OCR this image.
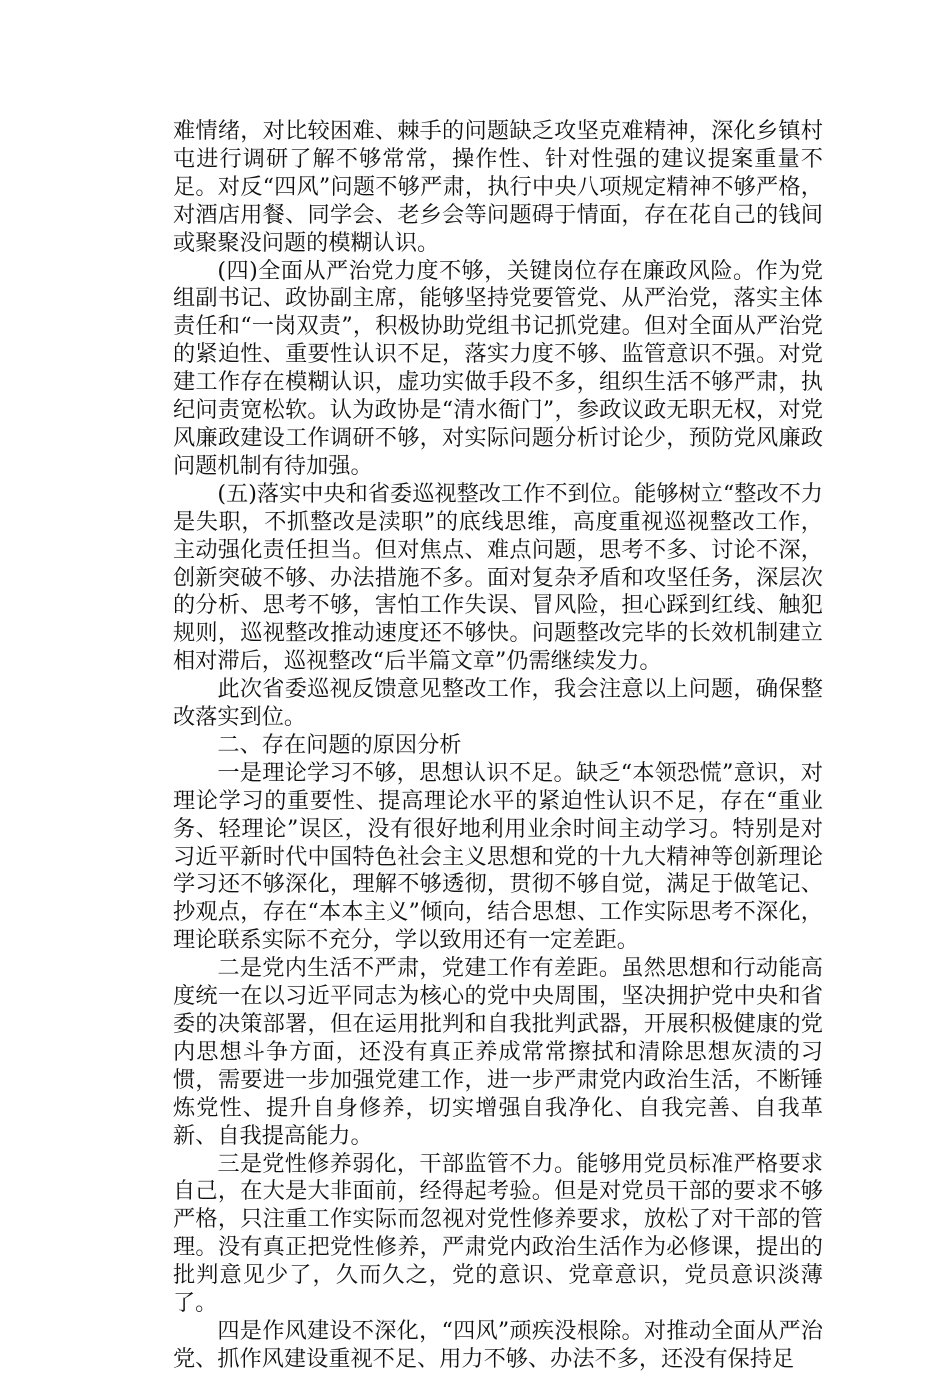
难情绪，对比较困难、棘手的问题缺乏攻坚克难精神，深化乡镇村屯进行调研了解不够常常，操作性、针对性强的建议提案重量不足。对反“四风”问题不够严肃，执行中央八项规定精神不够严格，对酒店用餐、同学会、老乡会等问题碍于情面，存在花自己的钱间或聚聚没问题的模糊认识。

(四)全面从严治党力度不够，关键岗位存在廉政风险。作为党组副书记、政协副主席，能够坚持党要管党、从严治党，落实主体责任和“一岗双责”，积极协助党组书记抓党建。但对全面从严治党的紧迫性、重要性认识不足，落实力度不够、监管意识不强。对党建工作存在模糊认识，虚功实做手段不多，组织生活不够严肃，执纪问责宽松软。认为政协是“清水衙门”，参政议政无职无权，对党风廉政建设工作调研不够，对实际问题分析讨论少，预防党风廉政问题机制有待加强。

(五)落实中央和省委巡视整改工作不到位。能够树立“整改不力是失职，不抓整改是渎职”的底线思维，高度重视巡视整改工作，主动强化责任担当。但对焦点、难点问题，思考不多、讨论不深，创新突破不够、办法措施不多。面对复杂矛盾和攻坚任务，深层次的分析、思考不够，害怕工作失误、冒风险，担心踩到红线、触犯规则，巡视整改推动速度还不够快。问题整改完毕的长效机制建立相对滞后，巡视整改“后半篇文章”仍需继续发力。

此次省委巡视反馈意见整改工作，我会注意以上问题，确保整改落实到位。

二、存在问题的原因分析

一是理论学习不够，思想认识不足。缺乏“本领恐慌”意识，对理论学习的重要性、提高理论水平的紧迫性认识不足，存在“重业务、轻理论”误区，没有很好地利用业余时间主动学习。特别是对习近平新时代中国特色社会主义思想和党的十九大精神等创新理论学习还不够深化，理解不够透彻，贯彻不够自觉，满足于做笔记、抄观点，存在“本本主义”倾向，结合思想、工作实际思考不深化，理论联系实际不充分，学以致用还有一定差距。

二是党内生活不严肃，党建工作有差距。虽然思想和行动能高度统一在以习近平同志为核心的党中央周围，坚决拥护党中央和省委的决策部署，但在运用批判和自我批判武器，开展积极健康的党内思想斗争方面，还没有真正养成常常擦拭和清除思想灰渍的习惯，需要进一步加强党建工作，进一步严肃党内政治生活，不断锤炼党性、提升自身修养，切实增强自我净化、自我完善、自我革新、自我提高能力。

三是党性修养弱化，干部监管不力。能够用党员标准严格要求自己，在大是大非面前，经得起考验。但是对党员干部的要求不够严格，只注重工作实际而忽视对党性修养要求，放松了对干部的管理。没有真正把党性修养，严肃党内政治生活作为必修课，提出的批判意见少了，久而久之，党的意识、党章意识，党员意识淡薄了。

四是作风建设不深化，“四风”顽疾没根除。对推动全面从严治党、抓作风建设重视不足、用力不够、办法不多，还没有保持足
